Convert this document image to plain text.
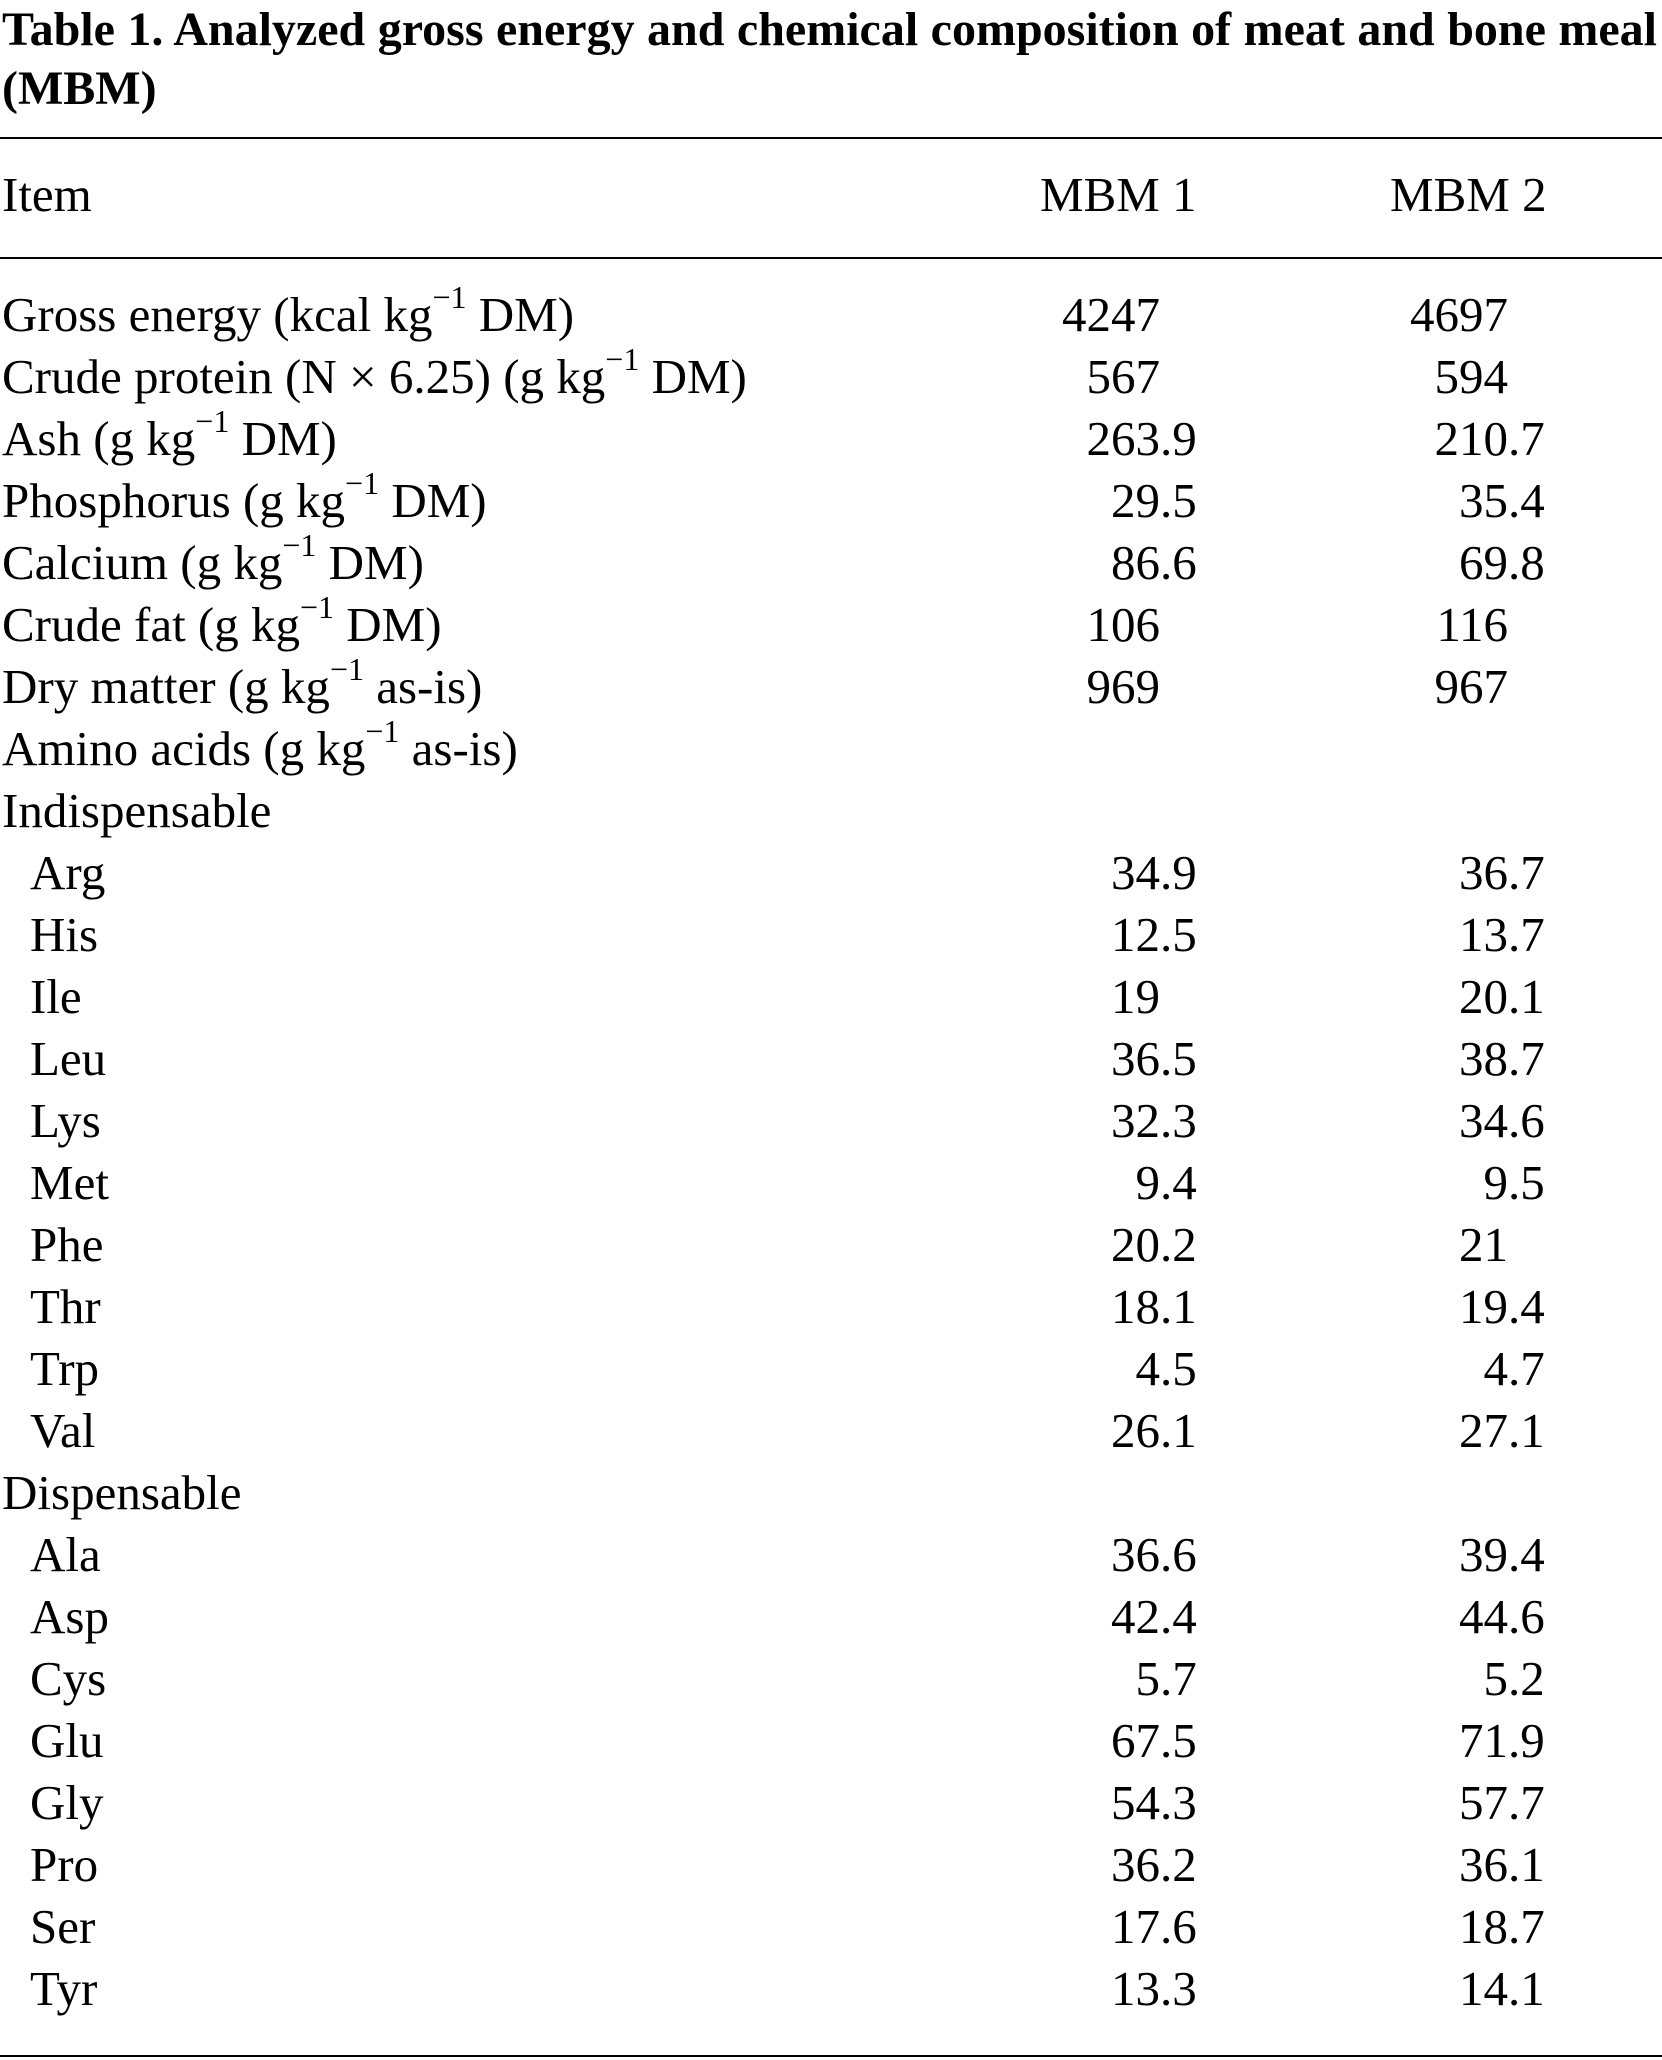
Table 1. Analyzed gross energy and chemical composition of meat and bone meal (MBM)
Item	MBM 1	MBM 2
Gross energy (kcal $kg^{-1}$ DM)	4247	4697
Crude protein (N × 6.25) (g $kg^{-1}$ DM)	567	594
Ash (g $kg^{-1}$ DM)	263.9	210.7
Phosphorus (g $kg^{-1}$ DM)	29.5	35.4
Calcium (g $kg^{-1}$ DM)	86.6	69.8
Crude fat (g $kg^{-1}$ DM)	106	116
Dry matter (g $kg^{-1}$ as-is)	969	967
Amino acids (g $kg^{-1}$ as-is)
Indispensable
Arg	34.9	36.7
His	12.5	13.7
Ile	19	20.1
Leu	36.5	38.7
Lys	32.3	34.6
Met	9.4	9.5
Phe	20.2	21
Thr	18.1	19.4
Trp	4.5	4.7
Val	26.1	27.1
Dispensable
Ala	36.6	39.4
Asp	42.4	44.6
Cys	5.7	5.2
Glu	67.5	71.9
Gly	54.3	57.7
Pro	36.2	36.1
Ser	17.6	18.7
Tyr	13.3	14.1
